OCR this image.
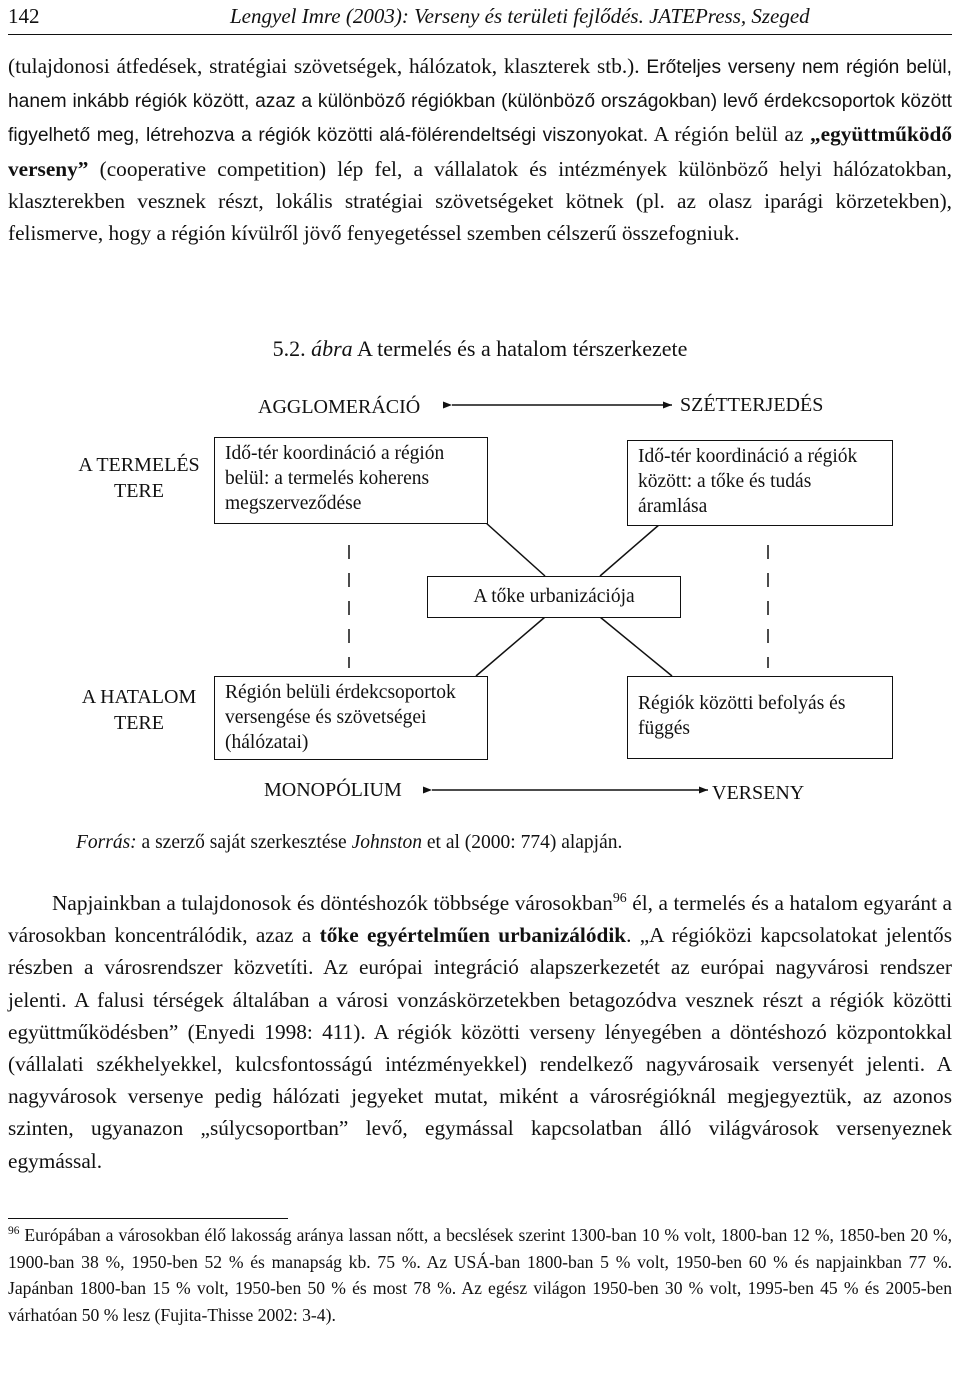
142	Lengyel Imre (2003): Verseny és területi fejlődés. JATEPress, Szeged

(tulajdonosi átfedések, stratégiai szövetségek, hálózatok, klaszterek stb.). Erőteljes verseny nem régión belül, hanem inkább régiók között, azaz a különböző régiókban (különböző országokban) levő érdekcsoportok között figyelhető meg, létrehozva a régiók közötti alá-fölérendeltségi viszonyokat. A régión belül az „együttműködő verseny” (cooperative competition) lép fel, a vállalatok és intézmények különböző helyi hálózatokban, klaszterekben vesznek részt, lokális stratégiai szövetségeket kötnek (pl. az olasz iparági körzetekben), felismerve, hogy a régión kívülről jövő fenyegetéssel szemben célszerű összefogniuk.

5.2. ábra A termelés és a hatalom térszerkezete
AGGLOMERÁCIÓ	SZÉTTERJEDÉS
A TERMELÉS TERE
A HATALOM TERE
MONOPÓLIUM	VERSENY
Idő-tér koordináció a régión belül: a termelés koherens megszerveződése
Idő-tér koordináció a régiók között: a tőke és tudás áramlása
A tőke urbanizációja
Régión belüli érdekcsoportok versengése és szövetségei (hálózatai)
Régiók közötti befolyás és függés
Forrás: a szerző saját szerkesztése Johnston et al (2000: 774) alapján.

Napjainkban a tulajdonosok és döntéshozók többsége városokban$^{96}$ él, a termelés és a hatalom egyaránt a városokban koncentrálódik, azaz a tőke egyértelműen urbanizálódik. „A régióközi kapcsolatokat jelentős részben a városrendszer közvetíti. Az európai integráció alapszerkezetét az európai nagyvárosi rendszer jelenti. A falusi térségek általában a városi vonzáskörzetekben betagozódva vesznek részt a régiók közötti együttműködésben” (Enyedi 1998: 411). A régiók közötti verseny lényegében a döntéshozó központokkal (vállalati székhelyekkel, kulcsfontosságú intézményekkel) rendelkező nagyvárosaik versenyét jelenti. A nagyvárosok versenye pedig hálózati jegyeket mutat, miként a városrégióknál megjegyeztük, az azonos szinten, ugyanazon „súlycsoportban” levő, egymással kapcsolatban álló világvárosok versenyeznek egymással.

$^{96}$ Európában a városokban élő lakosság aránya lassan nőtt, a becslések szerint 1300-ban 10 % volt, 1800-ban 12 %, 1850-ben 20 %, 1900-ban 38 %, 1950-ben 52 % és manapság kb. 75 %. Az USÁ-ban 1800-ban 5 % volt, 1950-ben 60 % és napjainkban 77 %. Japánban 1800-ban 15 % volt, 1950-ben 50 % és most 78 %. Az egész világon 1950-ben 30 % volt, 1995-ben 45 % és 2005-ben várhatóan 50 % lesz (Fujita-Thisse 2002: 3-4).
